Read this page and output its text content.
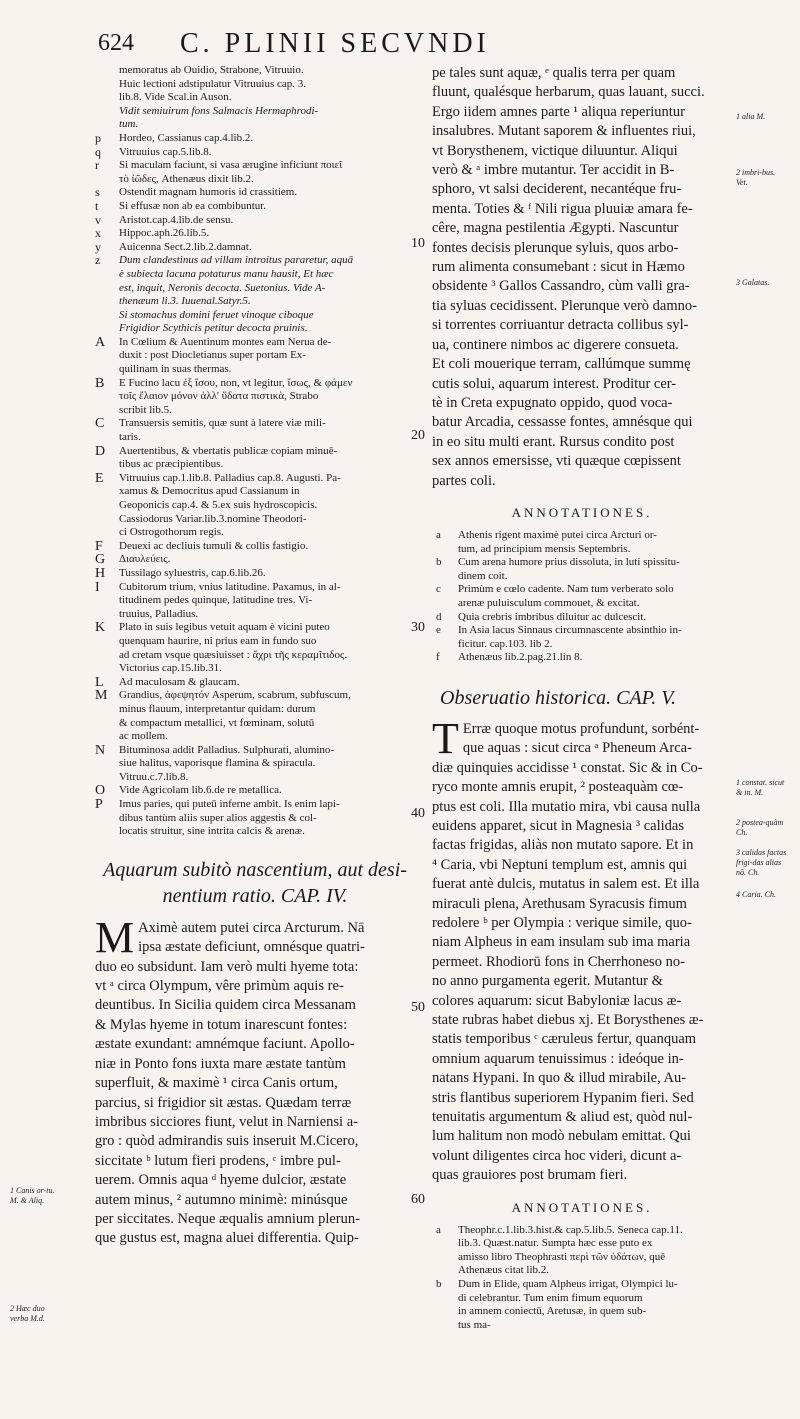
624 C. PLINII SECVNDI
memoratus ab Ouidio, Strabone, Vitruuio.
Huic lectioni adstipulatur Vitruuius cap. 3.
lib.8. Vide Scal.in Auson.
Vidit semiuirum fons Salmacis Hermaphrodi-
tum.
p Hordeo, Cassianus cap.4.lib.2.
q Vitruuius cap.5.lib.8.
r Si maculam faciunt, si vasa æruginе inficiunt ποιεῖ
τὸ ἰῶδες, Athenæus dixit lib.2.
s Ostendit magnam humoris id crassitiem.
t Si effusæ non ab ea combibuntur.
v Aristot.cap.4.lib.de sensu.
x Hippoc.aph.26.lib.5.
y Auicenna Sect.2.lib.2.damnat.
z Dum clandestinus ad villam introitus pararetur, aquā
è subiecta lacuna potaturus manu hausit, Et hæc
est, inquit, Neronis decocta. Suetonius. Vide A-
thenæum li.3. Iuuenal.Satyr.5.
Si stomachus domini feruet vinoque ciboque
Frigidior Scythicis petitur decocta pruinis.
A In Cœlium & Auentinum montes eam Nerua de-
duxit : post Diocletianus super portam Ex-
quilinam in suas thermas.
B E Fucino lacu ἐξ ἴσου, non, vt legitur, ἴσως, & φάμεν
τοῖς ἔλαιον μόνον ἀλλ' ὕδατα πιστικὰ, Strabo
scribit lib.5.
C Transuersis semitis, quæ sunt à latere viæ mili-
taris.
D Auertentibus, & vbertatis publicæ copiam minuē-
tibus ac præcipientibus.
E Vitruuius cap.1.lib.8. Palladius cap.8. Augusti. Pa-
xamus & Democritus apud Cassianum in
Geoponicis cap.4. & 5.ex suis hydroscopicis.
Cassiodorus Variar.lib.3.nomine Theodori-
ci Ostrogothorum regis.
F Deuexi ac decliuis tumuli & collis fastigio.
G Διαυλεύεις.
H Tussilago syluestris, cap.6.lib.26.
I Cubitorum trium, vnius latitudine. Paxamus, in al-
titudinem pedes quinque, latitudine tres. Vi-
truuius, Palladius.
K Plato in suis legibus vetuit aquam è vicini puteo
quenquam haurire, ni prius eam in fundo suo
ad cretam vsque quæsiuisset : ἄχρι τῆς κεραμῖτιδος.
Victorius cap.15.lib.31.
L Ad maculosam & glaucam.
M Grandius, ἀφεψητόν Asperum, scabrum, subfuscum,
minus flauum, interpretantur quidam: durum
& compactum metallici, vt fœminam, solutū
ac mollem.
N Bituminosa addit Palladius. Sulphurati, alumino-
siue halitus, vaporisque flamina & spiracula.
Vitruu.c.7.lib.8.
O Vide Agricolam lib.6.de re metallica.
P Imus paries, qui puteū inferne ambit. Is enim lapi-
dibus tantùm aliis super alios aggestis & col-
locatis struitur, sine intrita calcis & arenæ.
Aquarum subitò nascentium, aut desi-
nentium ratio. CAP. IV.
M Aximè autem putei circa Arcturum. Nā
ipsa æstate deficiunt, omnésque quatri-
duo eo subsidunt. Iam verò multi hyeme tota:
vt ᵃ circa Olympum, vêre primùm aquis re-
deuntibus. In Sicilia quidem circa Messanam
& Mylas hyeme in totum inarescunt fontes:
æstate exundant: amnémque faciunt. Apollo-
niæ in Ponto fons iuxta mare æstate tantùm
superfluit, & maximè ¹ circa Canis ortum,
parcius, si frigidior sit æstas. Quædam terræ
imbribus sicciores fiunt, velut in Narniensi a-
gro : quòd admirandis suis inseruit M.Cicero,
siccitate ᵇ lutum fieri prodens, ᶜ imbre pul-
uerem. Omnis aqua ᵈ hyeme dulcior, æstate
autem minus, ² autumno minimè: minúsque
per siccitates. Neque æqualis amnium plerun-
que gustus est, magna aluei differentia. Quip-
pe tales sunt aquæ, ᵉ qualis terra per quam
fluunt, qualésque herbarum, quas lauant, succi.
Ergo iidem amnes parte ¹ aliqua reperiuntur
insalubres. Mutant saporem & influentes riui,
vt Borysthenem, victique diluuntur. Aliqui
verò & ᵃ imbre mutantur. Ter accidit in B-
sphoro, vt salsi deciderent, necantéque fru-
menta. Toties & ᶠ Nili rigua pluuiæ amara fe-
cêre, magna pestilentia Ægypti. Nascuntur
fontes decisis plerunque syluis, quos arbo-
rum alimenta consumebant : sicut in Hæmo
obsidente ³ Gallos Cassandro, cùm valli gra-
tia syluas cecidissent. Plerunque verò damno-
si torrentes corriuantur detracta collibus syl-
ua, continere nimbos ac digerere consueta.
Et coli mouerique terram, callúmque summę
cutis solui, aquarum interest. Proditur cer-
tè in Creta expugnato oppido, quod voca-
batur Arcadia, cessasse fontes, amnésque qui
in eo situ multi erant. Rursus condito post
sex annos emersisse, vti quæque cœpissent
partes coli.
ANNOTATIONES.
a Athenis rigent maximè putei circa Arcturi or-
tum, ad principium mensis Septembris.
b Cum arena humore prius dissoluta, in luti spissitu-
dinem coit.
c Primùm e cœlo cadente. Nam tum verberato solo
arenæ puluisculum commouet, & excitat.
d Quia crebris imbribus diluitur ac dulcescit.
e In Asia lacus Sinnaus circumnascente absinthio in-
ficitur. cap.103. lib 2.
f Athenæus lib.2.pag.21.lin 8.
Obseruatio historica. CAP. V.
T Erræ quoque motus profundunt, sorbént-
que aquas : sicut circa ᵃ Pheneum Arca-
diæ quinquies accidisse ¹ constat. Sic & in Co-
ryco monte amnis erupit, ² posteaquàm cœ-
ptus est coli. Illa mutatio mira, vbi causa nulla
euidens apparet, sicut in Magnesia ³ calidas
factas frigidas, aliàs non mutato sapore. Et in
⁴ Caria, vbi Neptuni templum est, amnis qui
fuerat antè dulcis, mutatus in salem est. Et illa
miraculi plena, Arethusam Syracusis fimum
redolere ᵇ per Olympia : verique simile, quo-
niam Alpheus in eam insulam sub ima maria
permeet. Rhodiorū fons in Cherrhoneso no-
no anno purgamenta egerit. Mutantur &
colores aquarum: sicut Babyloniæ lacus æ-
state rubras habet diebus xj. Et Borysthenes æ-
statis temporibus ᶜ cæruleus fertur, quanquam
omnium aquarum tenuissimus : ideóque in-
natans Hypani. In quo & illud mirabile, Au-
stris flantibus superiorem Hypanim fieri. Sed
tenuitatis argumentum & aliud est, quòd nul-
lum halitum non modò nebulam emittat. Qui
volunt diligentes circa hoc videri, dicunt a-
quas grauiores post brumam fieri.
ANNOTATIONES.
a Theophr.c.1.lib.3.hist.& cap.5.lib.5. Seneca cap.11.
lib.3. Quæst.natur. Sumpta hæc esse puto ex
amisso libro Theophrasti περὶ τῶν ὑδάτων, quē
Athenæus citat lib.2.
b Dum in Elide, quam Alpheus irrigat, Olympici lu-
di celebrantur. Tum enim fimum equorum
in amnem coniectū, Aretusæ, in quem sub-
tus ma-
10
20
30
40
50
60
1 alia M.
2 imbri-bus. Vet.
3 Galatas.
1 constat. sicut & in. M.
2 postea-quàm Ch.
3 calidas factas frigi-das alias nō. Ch.
4 Caria. Ch.
1 Canis or-tu. M. & Aliq.
2 Hæc duo verba M.d.
